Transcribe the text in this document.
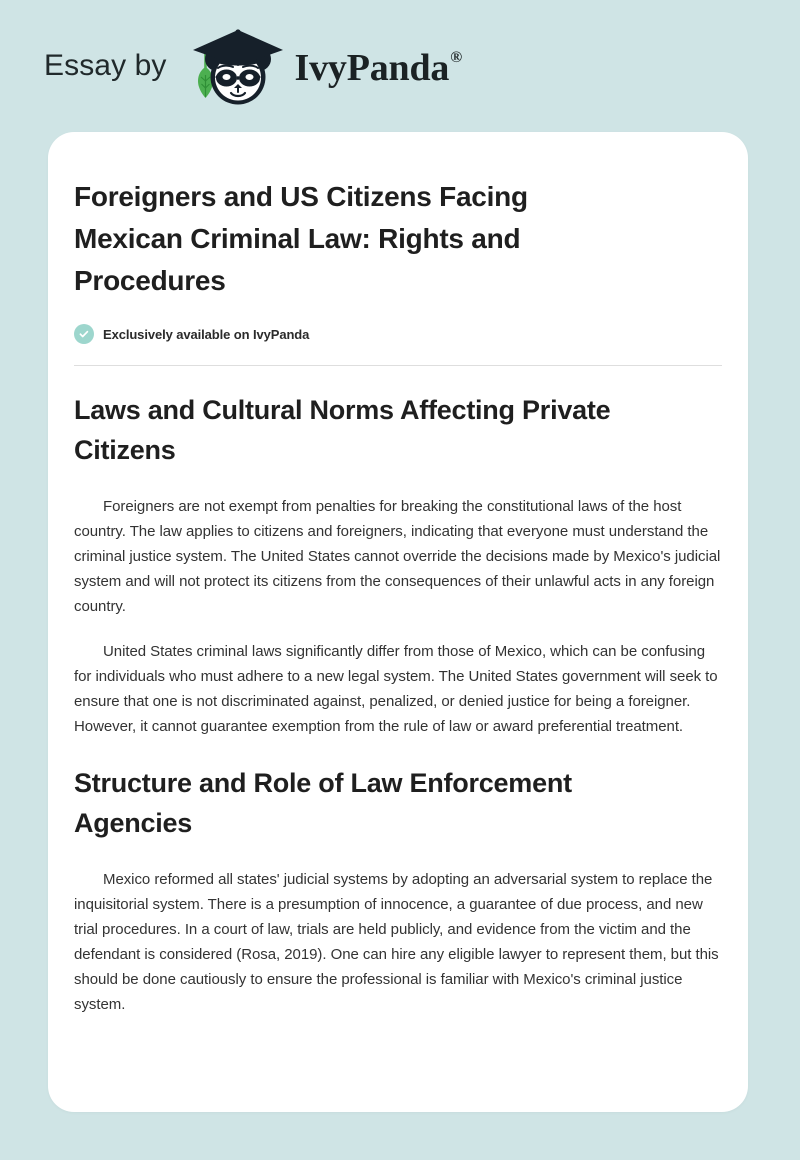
Essay by	IvyPanda®
Foreigners and US Citizens Facing Mexican Criminal Law: Rights and Procedures
Exclusively available on IvyPanda
Laws and Cultural Norms Affecting Private Citizens

Foreigners are not exempt from penalties for breaking the constitutional laws of the host country. The law applies to citizens and foreigners, indicating that everyone must understand the criminal justice system. The United States cannot override the decisions made by Mexico's judicial system and will not protect its citizens from the consequences of their unlawful acts in any foreign country.

United States criminal laws significantly differ from those of Mexico, which can be confusing for individuals who must adhere to a new legal system. The United States government will seek to ensure that one is not discriminated against, penalized, or denied justice for being a foreigner. However, it cannot guarantee exemption from the rule of law or award preferential treatment.

Structure and Role of Law Enforcement Agencies

Mexico reformed all states' judicial systems by adopting an adversarial system to replace the inquisitorial system. There is a presumption of innocence, a guarantee of due process, and new trial procedures. In a court of law, trials are held publicly, and evidence from the victim and the defendant is considered (Rosa, 2019). One can hire any eligible lawyer to represent them, but this should be done cautiously to ensure the professional is familiar with Mexico's criminal justice system.
